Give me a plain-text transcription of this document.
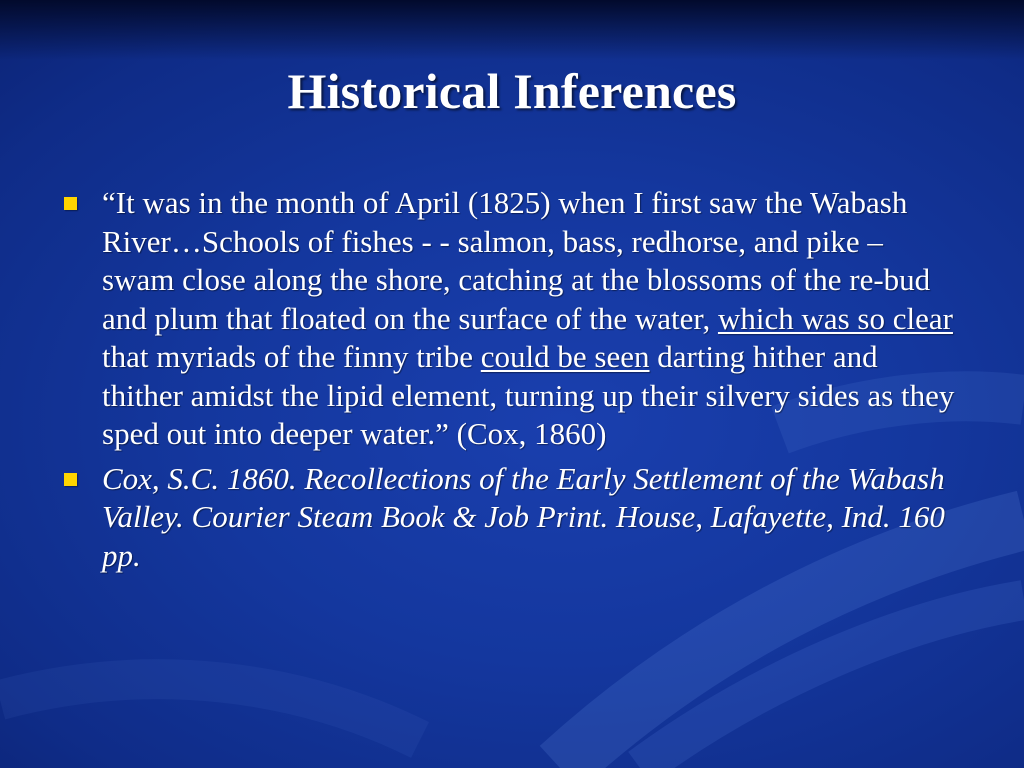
Historical Inferences
“It was in the month of April (1825) when I first saw the Wabash River…Schools of fishes - - salmon, bass, redhorse, and pike – swam close along the shore, catching at the blossoms of the re-bud and plum that floated on the surface of the water, which was so clear that myriads of the finny tribe could be seen darting hither and thither amidst the lipid element, turning up their silvery sides as they sped out into deeper water.” (Cox, 1860)
Cox, S.C. 1860. Recollections of the Early Settlement of the Wabash Valley. Courier Steam Book & Job Print. House, Lafayette, Ind. 160 pp.
